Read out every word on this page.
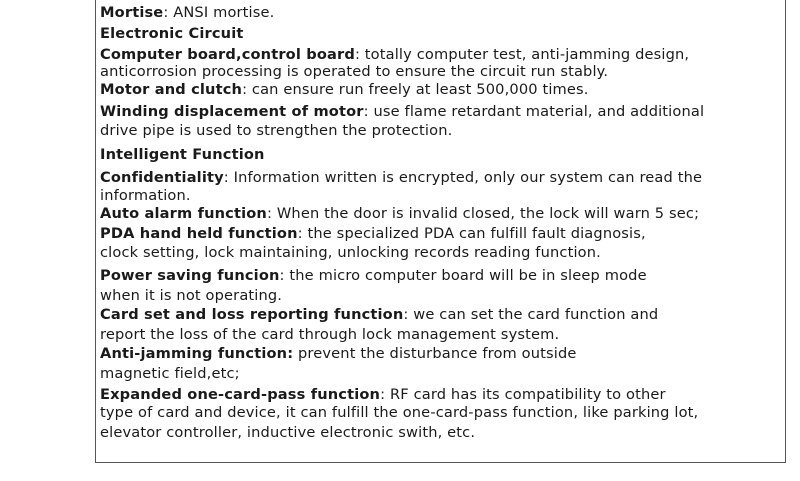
Mortise: ANSI mortise.
Electronic Circuit
Computer board,control board: totally computer test, anti-jamming design,
anticorrosion processing is operated to ensure the circuit run stably.
Motor and clutch: can ensure run freely at least 500,000 times.
Winding displacement of motor: use flame retardant material, and additional
drive pipe is used to strengthen the protection.
Intelligent Function
Confidentiality: Information written is encrypted, only our system can read the
information.
Auto alarm function: When the door is invalid closed, the lock will warn 5 sec;
PDA hand held function: the specialized PDA can fulfill fault diagnosis,
clock setting, lock maintaining, unlocking records reading function.
Power saving funcion: the micro computer board will be in sleep mode
when it is not operating.
Card set and loss reporting function: we can set the card function and
report the loss of the card through lock management system.
Anti-jamming function: prevent the disturbance from outside
magnetic field,etc;
Expanded one-card-pass function: RF card has its compatibility to other
type of card and device, it can fulfill the one-card-pass function, like parking lot,
elevator controller, inductive electronic swith, etc.
